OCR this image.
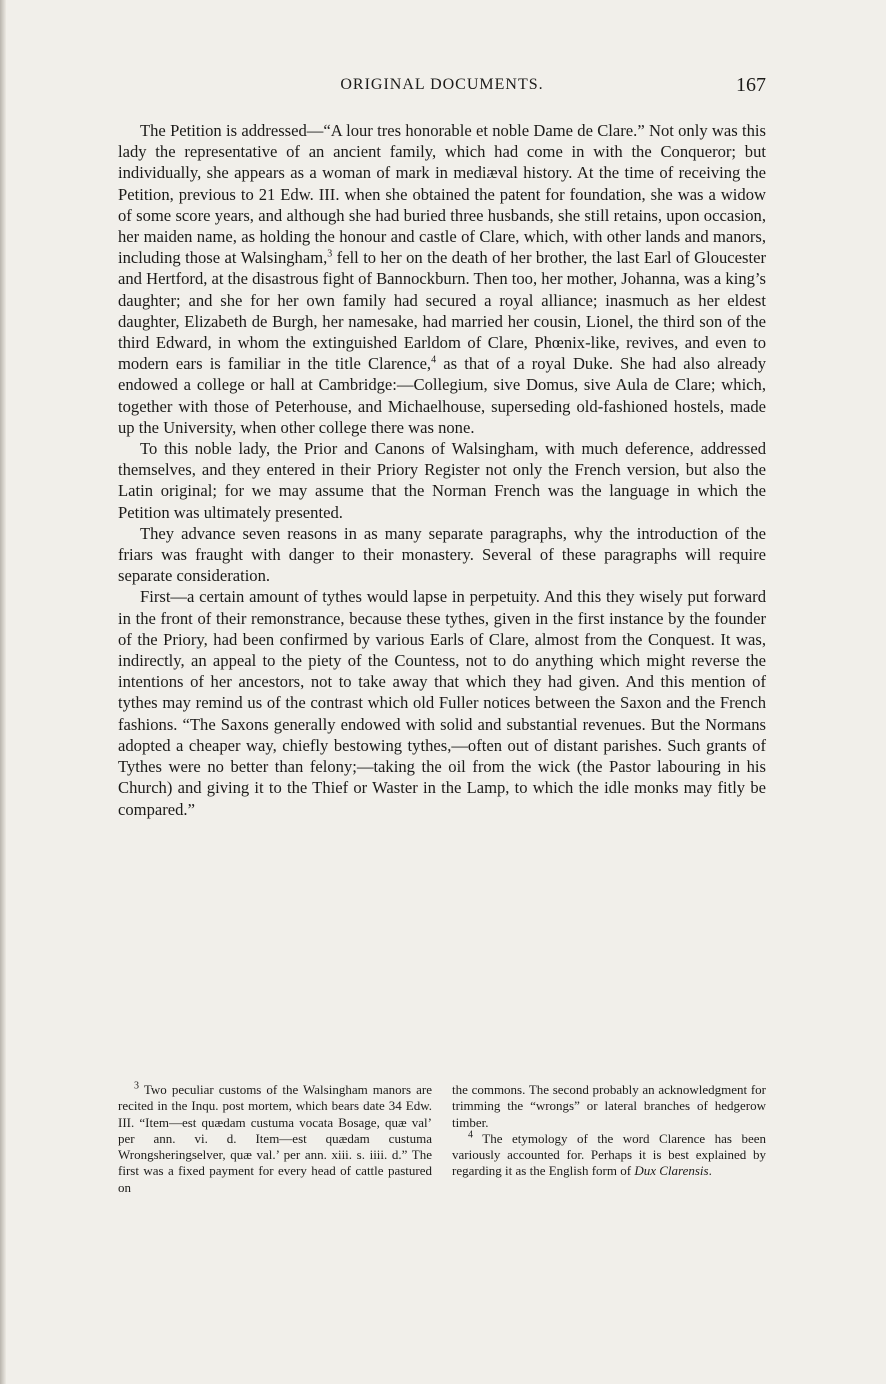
ORIGINAL DOCUMENTS.	167

The Petition is addressed—“A lour tres honorable et noble Dame de Clare.” Not only was this lady the representative of an ancient family, which had come in with the Conqueror; but individually, she appears as a woman of mark in mediæval history. At the time of receiving the Petition, previous to 21 Edw. III. when she obtained the patent for foundation, she was a widow of some score years, and although she had buried three husbands, she still retains, upon occasion, her maiden name, as holding the honour and castle of Clare, which, with other lands and manors, including those at Walsingham,$^3$ fell to her on the death of her brother, the last Earl of Gloucester and Hertford, at the disastrous fight of Bannockburn. Then too, her mother, Johanna, was a king’s daughter; and she for her own family had secured a royal alliance; inasmuch as her eldest daughter, Elizabeth de Burgh, her namesake, had married her cousin, Lionel, the third son of the third Edward, in whom the extinguished Earldom of Clare, Phœnix-like, revives, and even to modern ears is familiar in the title Clarence,$^4$ as that of a royal Duke. She had also already endowed a college or hall at Cambridge:—Collegium, sive Domus, sive Aula de Clare; which, together with those of Peterhouse, and Michaelhouse, superseding old-fashioned hostels, made up the University, when other college there was none.

To this noble lady, the Prior and Canons of Walsingham, with much deference, addressed themselves, and they entered in their Priory Register not only the French version, but also the Latin original; for we may assume that the Norman French was the language in which the Petition was ultimately presented.

They advance seven reasons in as many separate paragraphs, why the introduction of the friars was fraught with danger to their monastery. Several of these paragraphs will require separate consideration.

First—a certain amount of tythes would lapse in perpetuity. And this they wisely put forward in the front of their remonstrance, because these tythes, given in the first instance by the founder of the Priory, had been confirmed by various Earls of Clare, almost from the Conquest. It was, indirectly, an appeal to the piety of the Countess, not to do anything which might reverse the intentions of her ancestors, not to take away that which they had given. And this mention of tythes may remind us of the contrast which old Fuller notices between the Saxon and the French fashions. “The Saxons generally endowed with solid and substantial revenues. But the Normans adopted a cheaper way, chiefly bestowing tythes,—often out of distant parishes. Such grants of Tythes were no better than felony;—taking the oil from the wick (the Pastor labouring in his Church) and giving it to the Thief or Waster in the Lamp, to which the idle monks may fitly be compared.”

$^3$ Two peculiar customs of the Walsingham manors are recited in the Inqu. post mortem, which bears date 34 Edw. III. “Item—est quædam custuma vocata Bosage, quæ val’ per ann. vi. d. Item—est quædam custuma Wrongsheringselver, quæ val.’ per ann. xiii. s. iiii. d.” The first was a fixed payment for every head of cattle pastured on

the commons. The second probably an acknowledgment for trimming the “wrongs” or lateral branches of hedgerow timber.

$^4$ The etymology of the word Clarence has been variously accounted for. Perhaps it is best explained by regarding it as the English form of Dux Clarensis.
